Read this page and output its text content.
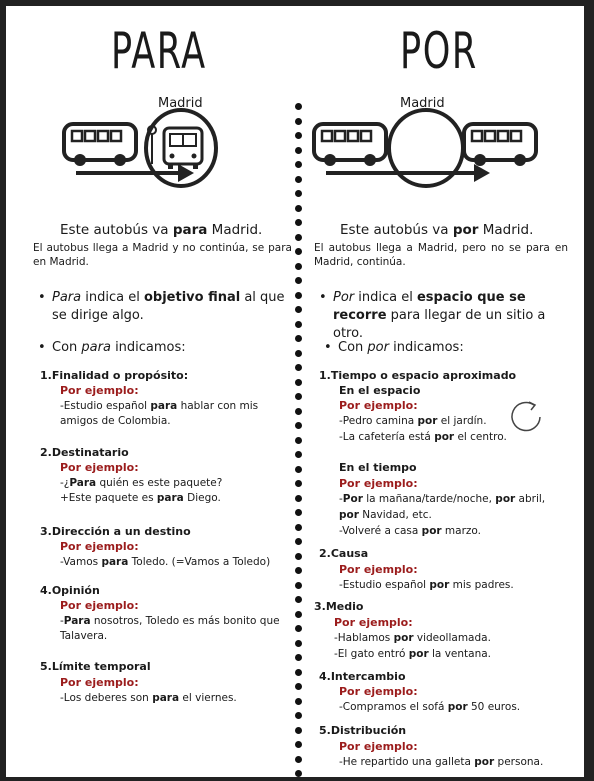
PARA
Madrid
Este autobús va para Madrid.
El autobus llega a Madrid y no continúa, se para en Madrid.
• Para indica el objetivo final al que se dirige algo.
• Con para indicamos:
1.Finalidad o propósito:
Por ejemplo:
-Estudio español para hablar con mis amigos de Colombia.
2.Destinatario
Por ejemplo:
-¿Para quién es este paquete?
+Este paquete es para Diego.
3.Dirección a un destino
Por ejemplo:
-Vamos para Toledo. (=Vamos a Toledo)
4.Opinión
Por ejemplo:
-Para nosotros, Toledo es más bonito que Talavera.
5.Límite temporal
Por ejemplo:
-Los deberes son para el viernes.
POR
Madrid
Este autobús va por Madrid.
El autobus llega a Madrid, pero no se para en Madrid, continúa.
• Por indica el espacio que se recorre para llegar de un sitio a otro.
• Con por indicamos:
1.Tiempo o espacio aproximado
En el espacio
Por ejemplo:
-Pedro camina por el jardín.
-La cafetería está por el centro.
En el tiempo
Por ejemplo:
-Por la mañana/tarde/noche, por abril,
por Navidad, etc.
-Volveré a casa por marzo.
2.Causa
Por ejemplo:
-Estudio español por mis padres.
3.Medio
Por ejemplo:
-Hablamos por videollamada.
-El gato entró por la ventana.
4.Intercambio
Por ejemplo:
-Compramos el sofá por 50 euros.
5.Distribución
Por ejemplo:
-He repartido una galleta por persona.
